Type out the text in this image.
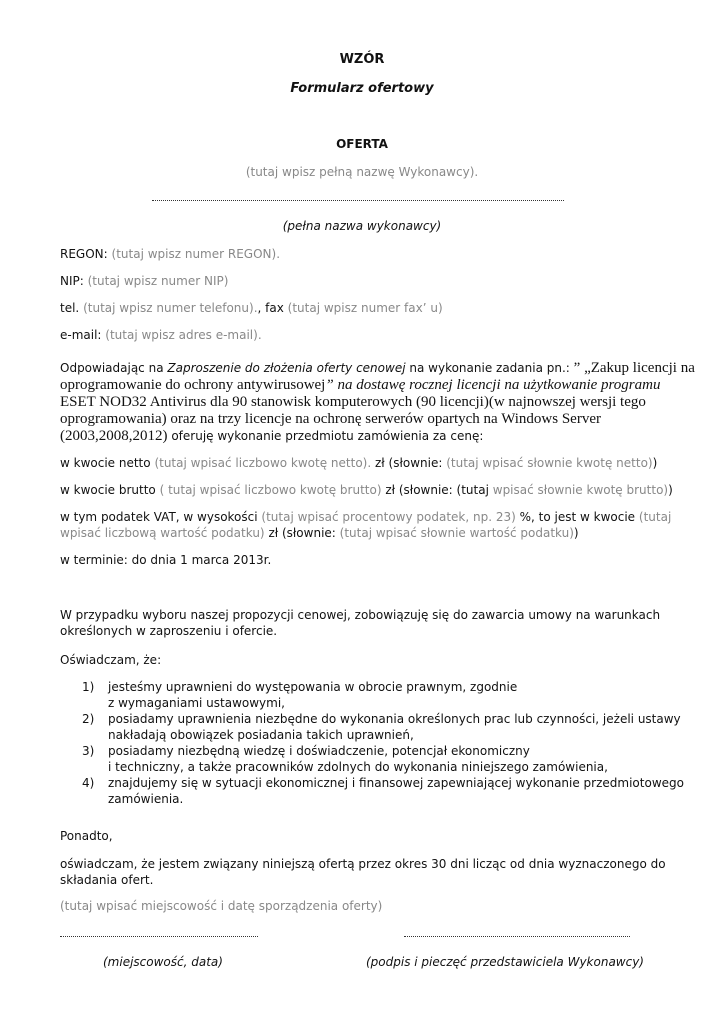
WZÓR
Formularz ofertowy
OFERTA
(tutaj wpisz pełną nazwę Wykonawcy).
(pełna nazwa wykonawcy)
REGON: (tutaj wpisz numer REGON).
NIP: (tutaj wpisz numer NIP)
tel. (tutaj wpisz numer telefonu)., fax (tutaj wpisz numer fax’ u)
e-mail: (tutaj wpisz adres e-mail).
Odpowiadając na Zaproszenie do złożenia oferty cenowej na wykonanie zadania pn.: ” „Zakup licencji na
oprogramowanie do ochrony antywirusowej” na dostawę rocznej licencji na użytkowanie programu
ESET NOD32 Antivirus dla 90 stanowisk komputerowych (90 licencji)(w najnowszej wersji tego
oprogramowania) oraz na trzy licencje na ochronę serwerów opartych na Windows Server
(2003,2008,2012) oferuję wykonanie przedmiotu zamówienia za cenę:
w kwocie netto (tutaj wpisać liczbowo kwotę netto). zł (słownie: (tutaj wpisać słownie kwotę netto))
w kwocie brutto ( tutaj wpisać liczbowo kwotę brutto) zł (słownie: (tutaj wpisać słownie kwotę brutto))
w tym podatek VAT, w wysokości (tutaj wpisać procentowy podatek, np. 23) %, to jest w kwocie (tutaj
wpisać liczbową wartość podatku) zł (słownie: (tutaj wpisać słownie wartość podatku))
w terminie: do dnia 1 marca 2013r.
W przypadku wyboru naszej propozycji cenowej, zobowiązuję się do zawarcia umowy na warunkach
określonych w zaproszeniu i ofercie.
Oświadczam, że:
1) jesteśmy uprawnieni do występowania w obrocie prawnym, zgodnie
z wymaganiami ustawowymi,
2) posiadamy uprawnienia niezbędne do wykonania określonych prac lub czynności, jeżeli ustawy
nakładają obowiązek posiadania takich uprawnień,
3) posiadamy niezbędną wiedzę i doświadczenie, potencjał ekonomiczny
i techniczny, a także pracowników zdolnych do wykonania niniejszego zamówienia,
4) znajdujemy się w sytuacji ekonomicznej i finansowej zapewniającej wykonanie przedmiotowego
zamówienia.
Ponadto,
oświadczam, że jestem związany niniejszą ofertą przez okres 30 dni licząc od dnia wyznaczonego do
składania ofert.
(tutaj wpisać miejscowość i datę sporządzenia oferty)
(miejscowość, data)	(podpis i pieczęć przedstawiciela Wykonawcy)
